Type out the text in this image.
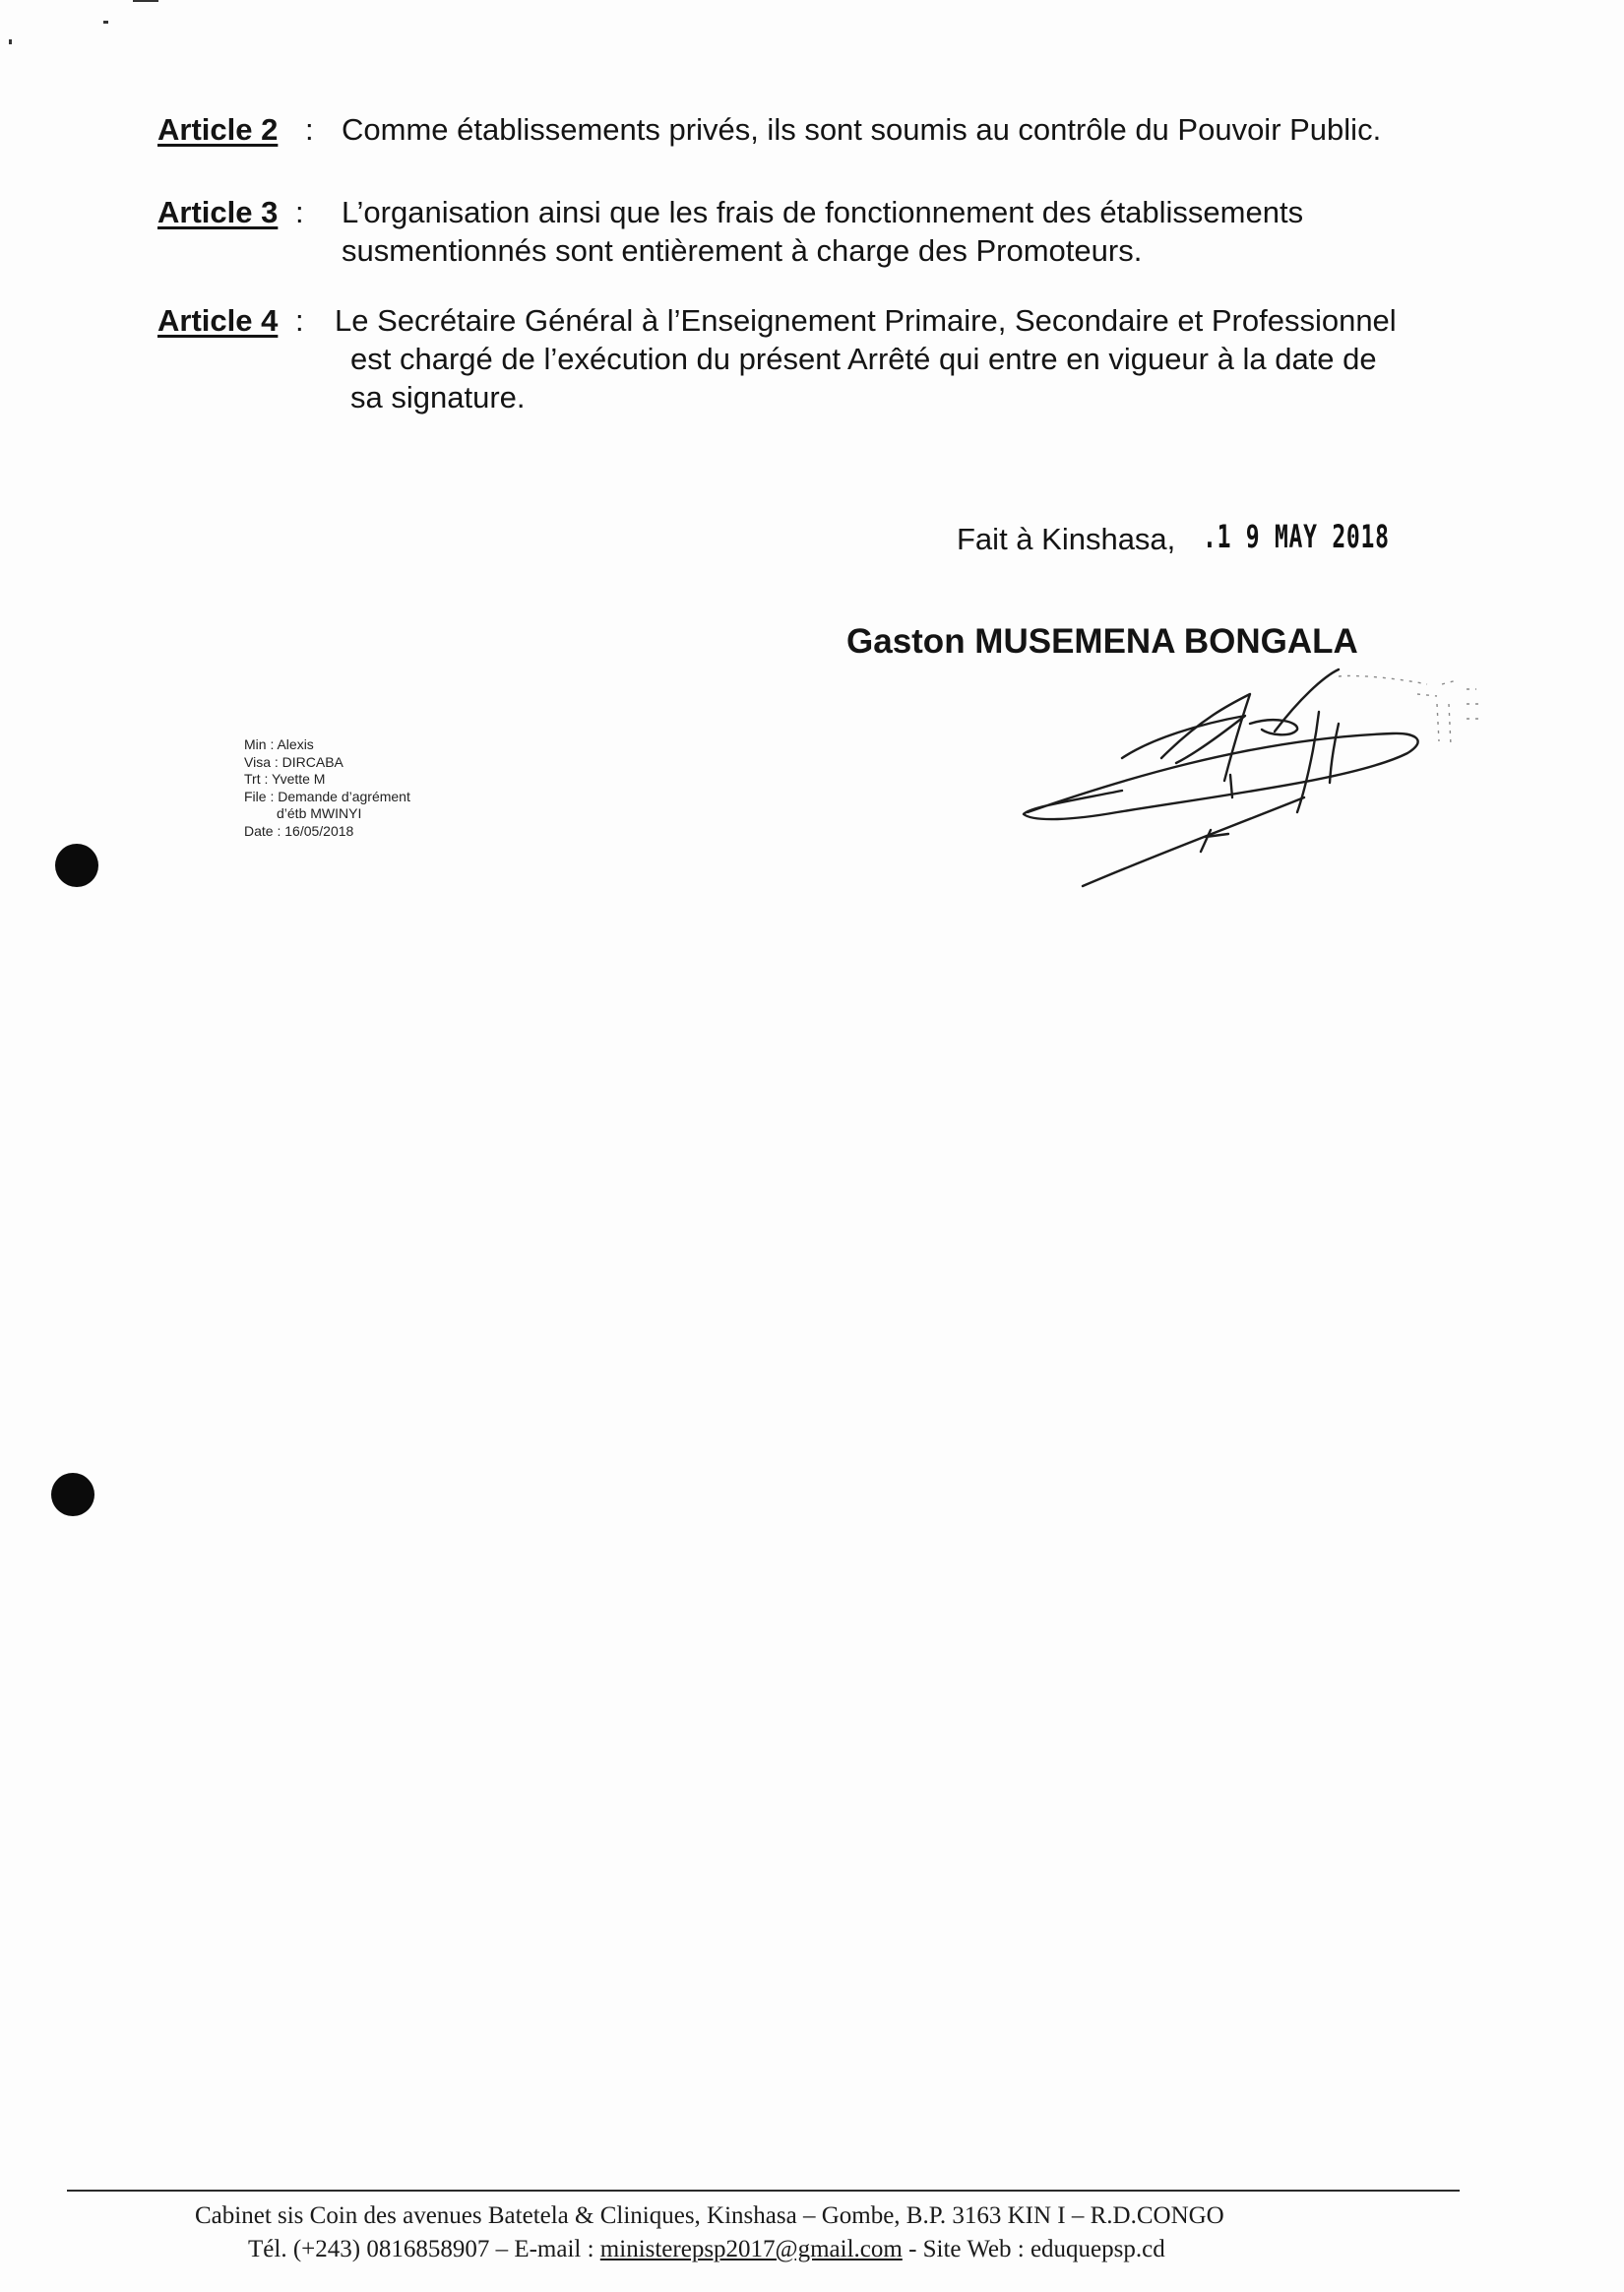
Article 2 : Comme établissements privés, ils sont soumis au contrôle du Pouvoir Public.
Article 3 : L’organisation ainsi que les frais de fonctionnement des établissements
susmentionnés sont entièrement à charge des Promoteurs.
Article 4 : Le Secrétaire Général à l’Enseignement Primaire, Secondaire et Professionnel
est chargé de l’exécution du présent Arrêté qui entre en vigueur à la date de
sa signature.
Fait à Kinshasa, .1 9 MAY 2018
Gaston MUSEMENA BONGALA
Min : Alexis
Visa : DIRCABA
Trt : Yvette M
File : Demande d’agrément
d’étb MWINYI
Date : 16/05/2018
Cabinet sis Coin des avenues Batetela & Cliniques, Kinshasa – Gombe, B.P. 3163 KIN I – R.D.CONGO
Tél. (+243) 0816858907 – E-mail : ministerepsp2017@gmail.com - Site Web : eduquepsp.cd
